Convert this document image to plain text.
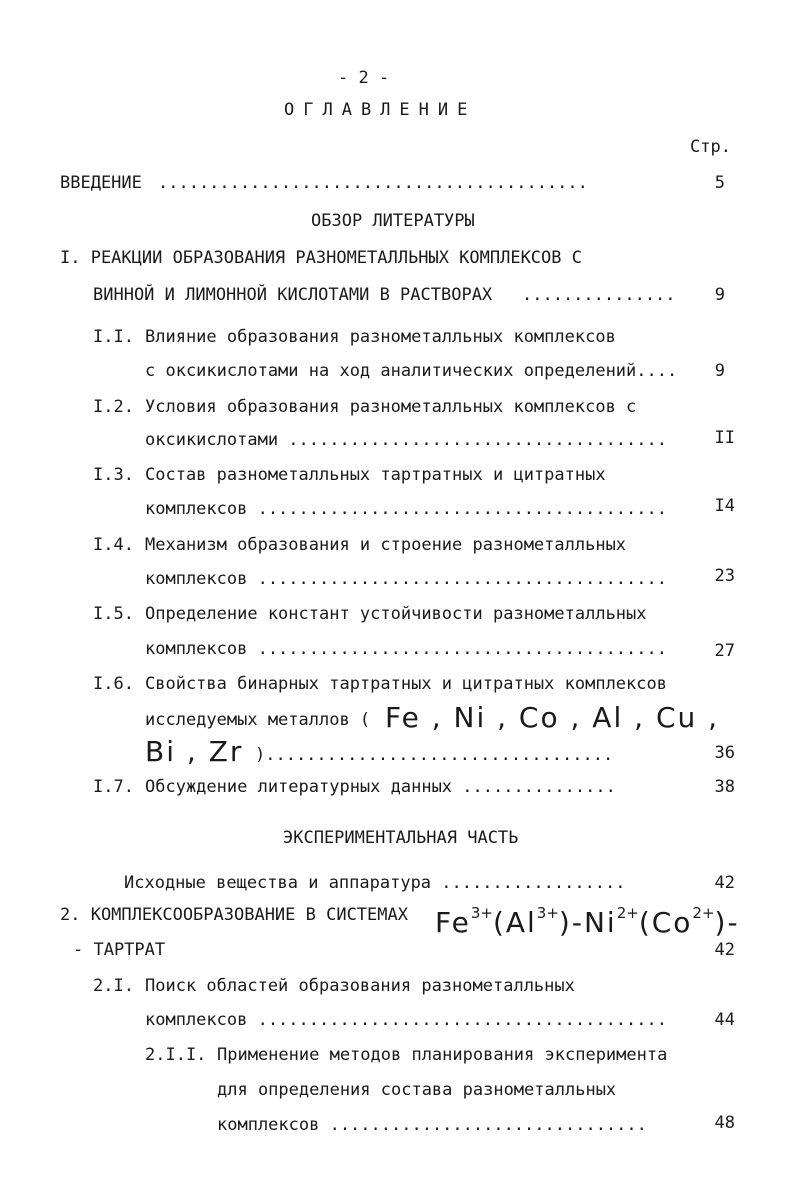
- 2 -
ОГЛАВЛЕНИЕ
Стр.
ВВЕДЕНИЕ ..........................................	5
ОБЗОР ЛИТЕРАТУРЫ
I. РЕАКЦИИ ОБРАЗОВАНИЯ РАЗНОМЕТАЛЛЬНЫХ КОМПЛЕКСОВ С
ВИННОЙ И ЛИМОННОЙ КИСЛОТАМИ В РАСТВОРАХ ...............	9
I.I. Влияние образования разнометалльных комплексов
с оксикислотами на ход аналитических определений....	9
I.2. Условия образования разнометалльных комплексов с
оксикислотами .....................................	II
I.3. Состав разнометалльных тартратных и цитратных
комплексов ........................................	I4
I.4. Механизм образования и строение разнометалльных
комплексов ........................................	23
I.5. Определение констант устойчивости разнометалльных
комплексов ........................................	27
I.6. Свойства бинарных тартратных и цитратных комплексов
исследуемых металлов ( Fe , Ni , Co , Al , Cu ,
Bi , Zr )..................................	36
I.7. Обсуждение литературных данных ...............	38
ЭКСПЕРИМЕНТАЛЬНАЯ ЧАСТЬ
Исходные вещества и аппаратура ..................	42
2. КОМПЛЕКСООБРАЗОВАНИЕ В СИСТЕМАХ $Fe^{3+}(Al^{3+})-Ni^{2+}(Co^{2+})-$
- ТАРТРАТ	42
2.I. Поиск областей образования разнометалльных
комплексов ........................................	44
2.I.I. Применение методов планирования эксперимента
для определения состава разнометалльных
комплексов ...............................	48
